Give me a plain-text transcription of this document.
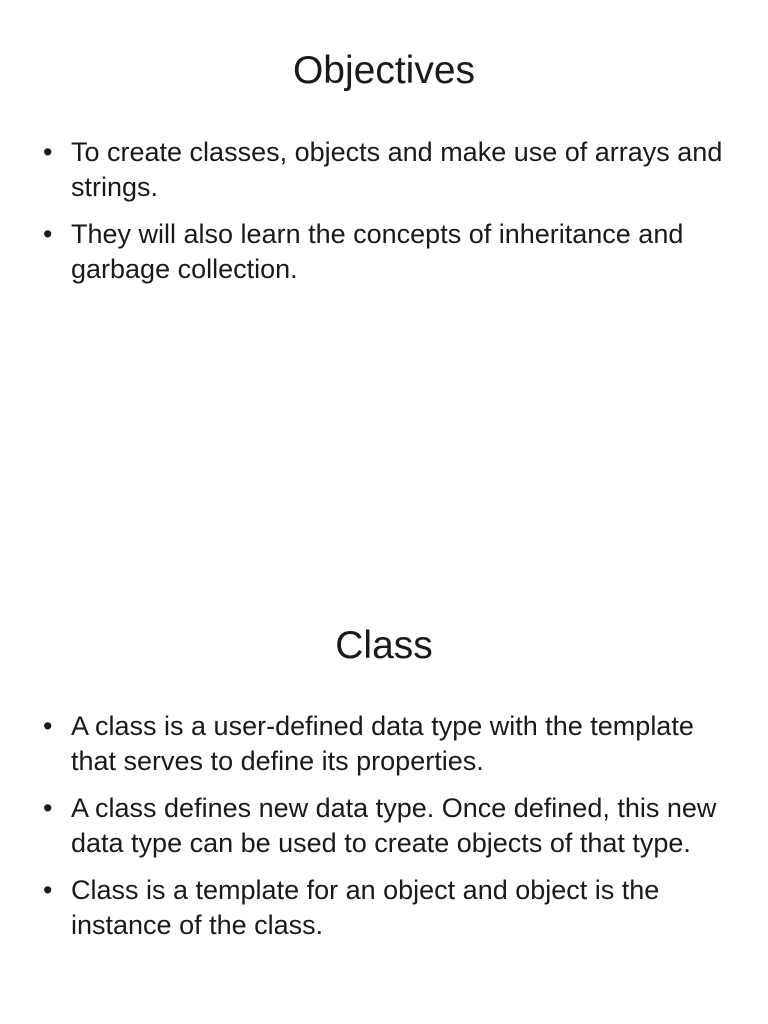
Objectives
• To create classes, objects and make use of arrays and strings.
• They will also learn the concepts of inheritance and garbage collection.
Class
• A class is a user-defined data type with the template that serves to define its properties.
• A class defines new data type. Once defined, this new data type can be used to create objects of that type.
• Class is a template for an object and object is the instance of the class.
